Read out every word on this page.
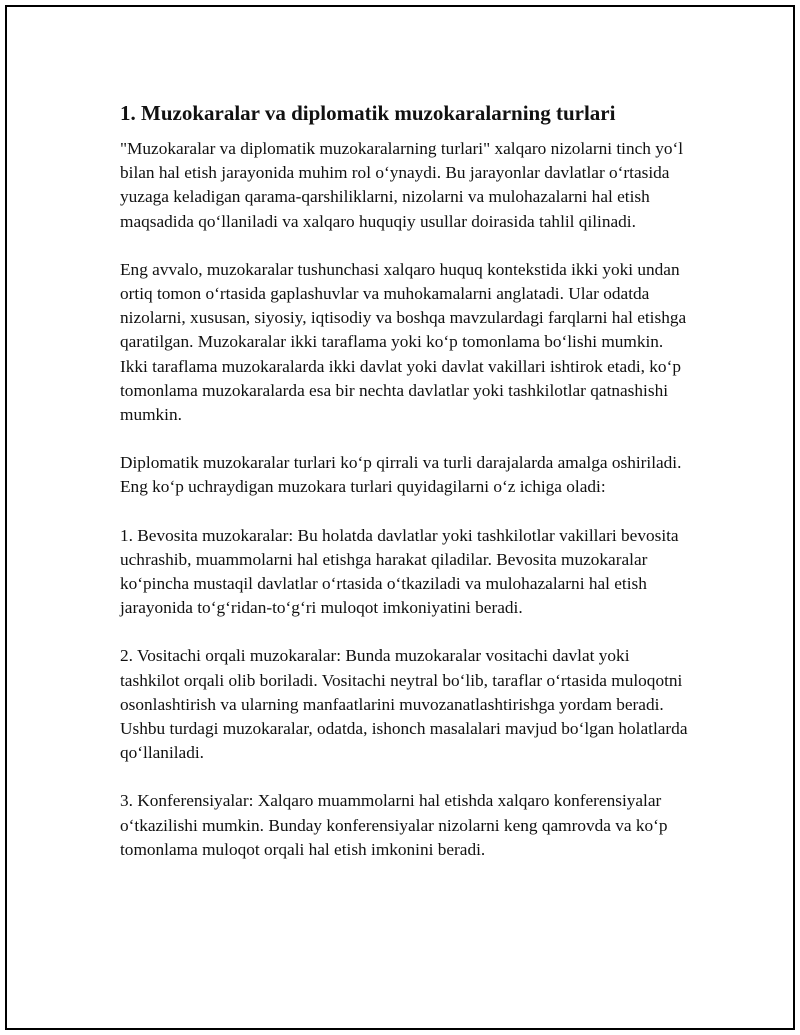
1. Muzokaralar va diplomatik muzokaralarning turlari

"Muzokaralar va diplomatik muzokaralarning turlari" xalqaro nizolarni tinch yo‘l bilan hal etish jarayonida muhim rol o‘ynaydi. Bu jarayonlar davlatlar o‘rtasida yuzaga keladigan qarama-qarshiliklarni, nizolarni va mulohazalarni hal etish maqsadida qo‘llaniladi va xalqaro huquqiy usullar doirasida tahlil qilinadi.

Eng avvalo, muzokaralar tushunchasi xalqaro huquq kontekstida ikki yoki undan ortiq tomon o‘rtasida gaplashuvlar va muhokamalarni anglatadi. Ular odatda nizolarni, xususan, siyosiy, iqtisodiy va boshqa mavzulardagi farqlarni hal etishga qaratilgan. Muzokaralar ikki taraflama yoki ko‘p tomonlama bo‘lishi mumkin. Ikki taraflama muzokaralarda ikki davlat yoki davlat vakillari ishtirok etadi, ko‘p tomonlama muzokaralarda esa bir nechta davlatlar yoki tashkilotlar qatnashishi mumkin.

Diplomatik muzokaralar turlari ko‘p qirrali va turli darajalarda amalga oshiriladi. Eng ko‘p uchraydigan muzokara turlari quyidagilarni o‘z ichiga oladi:

1. Bevosita muzokaralar: Bu holatda davlatlar yoki tashkilotlar vakillari bevosita uchrashib, muammolarni hal etishga harakat qiladilar. Bevosita muzokaralar ko‘pincha mustaqil davlatlar o‘rtasida o‘tkaziladi va mulohazalarni hal etish jarayonida to‘g‘ridan-to‘g‘ri muloqot imkoniyatini beradi.

2. Vositachi orqali muzokaralar: Bunda muzokaralar vositachi davlat yoki tashkilot orqali olib boriladi. Vositachi neytral bo‘lib, taraflar o‘rtasida muloqotni osonlashtirish va ularning manfaatlarini muvozanatlashtirishga yordam beradi. Ushbu turdagi muzokaralar, odatda, ishonch masalalari mavjud bo‘lgan holatlarda qo‘llaniladi.

3. Konferensiyalar: Xalqaro muammolarni hal etishda xalqaro konferensiyalar o‘tkazilishi mumkin. Bunday konferensiyalar nizolarni keng qamrovda va ko‘p tomonlama muloqot orqali hal etish imkonini beradi.
